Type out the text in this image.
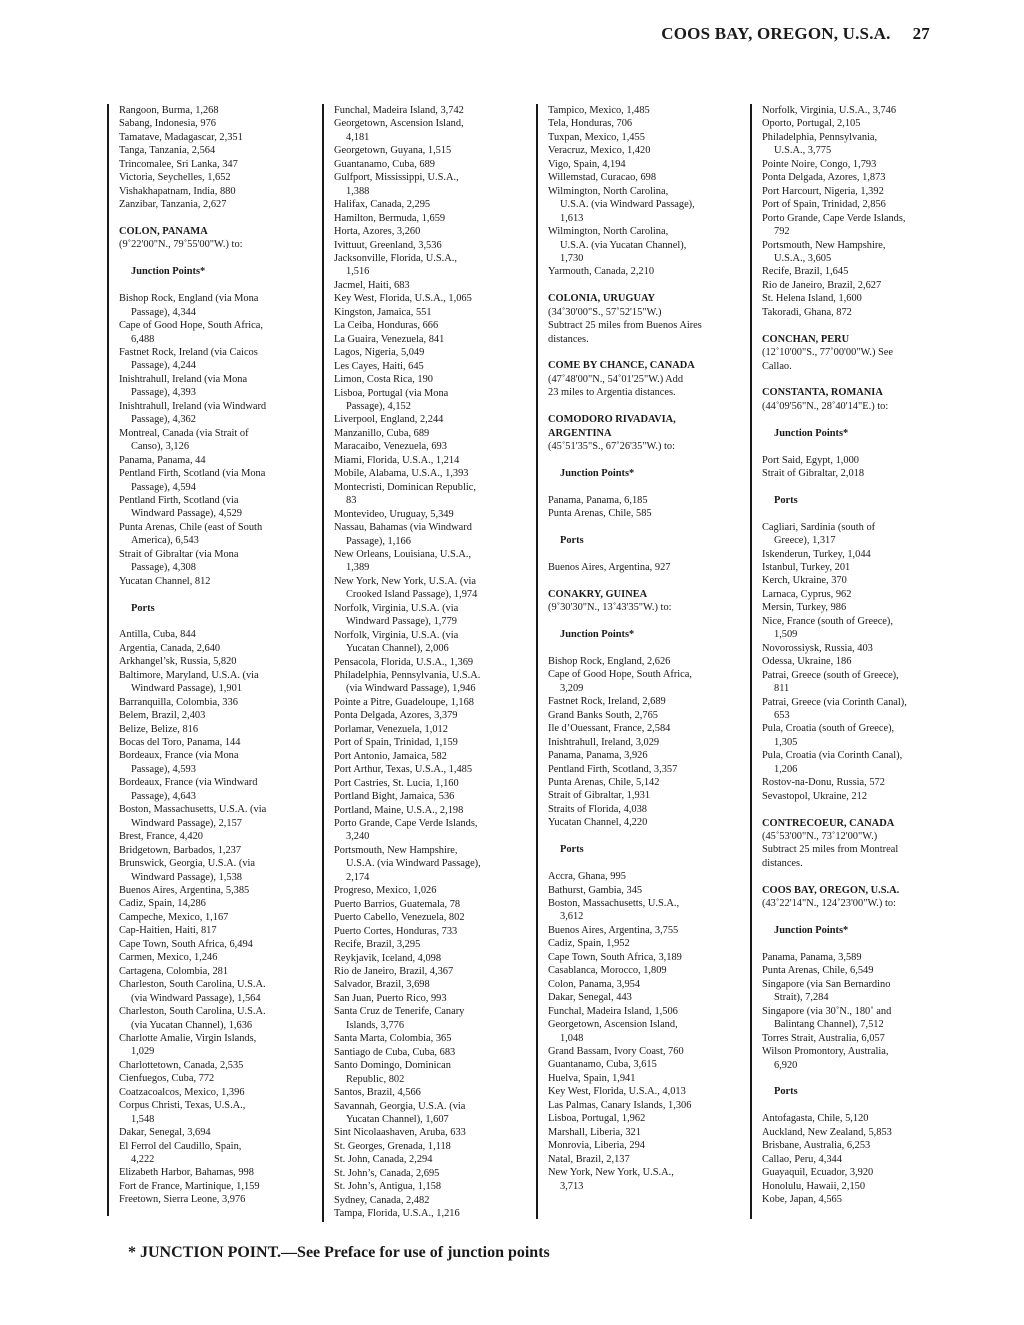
COOS BAY, OREGON, U.S.A. 27
Rangoon, Burma, 1,268
Sabang, Indonesia, 976
Tamatave, Madagascar, 2,351
Tanga, Tanzania, 2,564
Trincomalee, Sri Lanka, 347
Victoria, Seychelles, 1,652
Vishakhapatnam, India, 880
Zanzibar, Tanzania, 2,627
COLON, PANAMA
(9˚22'00"N., 79˚55'00"W.) to:
Junction Points*
Bishop Rock, England (via Mona
Passage), 4,344
Cape of Good Hope, South Africa,
6,488
Fastnet Rock, Ireland (via Caicos
Passage), 4,244
Inishtrahull, Ireland (via Mona
Passage), 4,393
Inishtrahull, Ireland (via Windward
Passage), 4,362
Montreal, Canada (via Strait of
Canso), 3,126
Panama, Panama, 44
Pentland Firth, Scotland (via Mona
Passage), 4,594
Pentland Firth, Scotland (via
Windward Passage), 4,529
Punta Arenas, Chile (east of South
America), 6,543
Strait of Gibraltar (via Mona
Passage), 4,308
Yucatan Channel, 812
Ports
Antilla, Cuba, 844
Argentia, Canada, 2,640
Arkhangel’sk, Russia, 5,820
Baltimore, Maryland, U.S.A. (via
Windward Passage), 1,901
Barranquilla, Colombia, 336
Belem, Brazil, 2,403
Belize, Belize, 816
Bocas del Toro, Panama, 144
Bordeaux, France (via Mona
Passage), 4,593
Bordeaux, France (via Windward
Passage), 4,643
Boston, Massachusetts, U.S.A. (via
Windward Passage), 2,157
Brest, France, 4,420
Bridgetown, Barbados, 1,237
Brunswick, Georgia, U.S.A. (via
Windward Passage), 1,538
Buenos Aires, Argentina, 5,385
Cadiz, Spain, 14,286
Campeche, Mexico, 1,167
Cap-Haitien, Haiti, 817
Cape Town, South Africa, 6,494
Carmen, Mexico, 1,246
Cartagena, Colombia, 281
Charleston, South Carolina, U.S.A.
(via Windward Passage), 1,564
Charleston, South Carolina, U.S.A.
(via Yucatan Channel), 1,636
Charlotte Amalie, Virgin Islands,
1,029
Charlottetown, Canada, 2,535
Cienfuegos, Cuba, 772
Coatzacoalcos, Mexico, 1,396
Corpus Christi, Texas, U.S.A.,
1,548
Dakar, Senegal, 3,694
El Ferrol del Caudillo, Spain,
4,222
Elizabeth Harbor, Bahamas, 998
Fort de France, Martinique, 1,159
Freetown, Sierra Leone, 3,976
Funchal, Madeira Island, 3,742
Georgetown, Ascension Island,
4,181
Georgetown, Guyana, 1,515
Guantanamo, Cuba, 689
Gulfport, Mississippi, U.S.A.,
1,388
Halifax, Canada, 2,295
Hamilton, Bermuda, 1,659
Horta, Azores, 3,260
Ivittuut, Greenland, 3,536
Jacksonville, Florida, U.S.A.,
1,516
Jacmel, Haiti, 683
Key West, Florida, U.S.A., 1,065
Kingston, Jamaica, 551
La Ceiba, Honduras, 666
La Guaira, Venezuela, 841
Lagos, Nigeria, 5,049
Les Cayes, Haiti, 645
Limon, Costa Rica, 190
Lisboa, Portugal (via Mona
Passage), 4,152
Liverpool, England, 2,244
Manzanillo, Cuba, 689
Maracaibo, Venezuela, 693
Miami, Florida, U.S.A., 1,214
Mobile, Alabama, U.S.A., 1,393
Montecristi, Dominican Republic,
83
Montevideo, Uruguay, 5,349
Nassau, Bahamas (via Windward
Passage), 1,166
New Orleans, Louisiana, U.S.A.,
1,389
New York, New York, U.S.A. (via
Crooked Island Passage), 1,974
Norfolk, Virginia, U.S.A. (via
Windward Passage), 1,779
Norfolk, Virginia, U.S.A. (via
Yucatan Channel), 2,006
Pensacola, Florida, U.S.A., 1,369
Philadelphia, Pennsylvania, U.S.A.
(via Windward Passage), 1,946
Pointe a Pitre, Guadeloupe, 1,168
Ponta Delgada, Azores, 3,379
Porlamar, Venezuela, 1,012
Port of Spain, Trinidad, 1,159
Port Antonio, Jamaica, 582
Port Arthur, Texas, U.S.A., 1,485
Port Castries, St. Lucia, 1,160
Portland Bight, Jamaica, 536
Portland, Maine, U.S.A., 2,198
Porto Grande, Cape Verde Islands,
3,240
Portsmouth, New Hampshire,
U.S.A. (via Windward Passage),
2,174
Progreso, Mexico, 1,026
Puerto Barrios, Guatemala, 78
Puerto Cabello, Venezuela, 802
Puerto Cortes, Honduras, 733
Recife, Brazil, 3,295
Reykjavik, Iceland, 4,098
Rio de Janeiro, Brazil, 4,367
Salvador, Brazil, 3,698
San Juan, Puerto Rico, 993
Santa Cruz de Tenerife, Canary
Islands, 3,776
Santa Marta, Colombia, 365
Santiago de Cuba, Cuba, 683
Santo Domingo, Dominican
Republic, 802
Santos, Brazil, 4,566
Savannah, Georgia, U.S.A. (via
Yucatan Channel), 1,607
Sint Nicolaashaven, Aruba, 633
St. Georges, Grenada, 1,118
St. John, Canada, 2,294
St. John’s, Canada, 2,695
St. John’s, Antigua, 1,158
Sydney, Canada, 2,482
Tampa, Florida, U.S.A., 1,216
Tampico, Mexico, 1,485
Tela, Honduras, 706
Tuxpan, Mexico, 1,455
Veracruz, Mexico, 1,420
Vigo, Spain, 4,194
Willemstad, Curacao, 698
Wilmington, North Carolina,
U.S.A. (via Windward Passage),
1,613
Wilmington, North Carolina,
U.S.A. (via Yucatan Channel),
1,730
Yarmouth, Canada, 2,210
COLONIA, URUGUAY
(34˚30'00"S., 57˚52'15"W.)
Subtract 25 miles from Buenos Aires distances.
COME BY CHANCE, CANADA
(47˚48'00"N., 54˚01'25"W.) Add
23 miles to Argentia distances.
COMODORO RIVADAVIA, ARGENTINA
(45˚51'35"S., 67˚26'35"W.) to:
Junction Points*
Panama, Panama, 6,185
Punta Arenas, Chile, 585
Ports
Buenos Aires, Argentina, 927
CONAKRY, GUINEA
(9˚30'30"N., 13˚43'35"W.) to:
Junction Points*
Bishop Rock, England, 2,626
Cape of Good Hope, South Africa,
3,209
Fastnet Rock, Ireland, 2,689
Grand Banks South, 2,765
Ile d’Ouessant, France, 2,584
Inishtrahull, Ireland, 3,029
Panama, Panama, 3,926
Pentland Firth, Scotland, 3,357
Punta Arenas, Chile, 5,142
Strait of Gibraltar, 1,931
Straits of Florida, 4,038
Yucatan Channel, 4,220
Ports
Accra, Ghana, 995
Bathurst, Gambia, 345
Boston, Massachusetts, U.S.A.,
3,612
Buenos Aires, Argentina, 3,755
Cadiz, Spain, 1,952
Cape Town, South Africa, 3,189
Casablanca, Morocco, 1,809
Colon, Panama, 3,954
Dakar, Senegal, 443
Funchal, Madeira Island, 1,506
Georgetown, Ascension Island,
1,048
Grand Bassam, Ivory Coast, 760
Guantanamo, Cuba, 3,615
Huelva, Spain, 1,941
Key West, Florida, U.S.A., 4,013
Las Palmas, Canary Islands, 1,306
Lisboa, Portugal, 1,962
Marshall, Liberia, 321
Monrovia, Liberia, 294
Natal, Brazil, 2,137
New York, New York, U.S.A.,
3,713
Norfolk, Virginia, U.S.A., 3,746
Oporto, Portugal, 2,105
Philadelphia, Pennsylvania,
U.S.A., 3,775
Pointe Noire, Congo, 1,793
Ponta Delgada, Azores, 1,873
Port Harcourt, Nigeria, 1,392
Port of Spain, Trinidad, 2,856
Porto Grande, Cape Verde Islands,
792
Portsmouth, New Hampshire,
U.S.A., 3,605
Recife, Brazil, 1,645
Rio de Janeiro, Brazil, 2,627
St. Helena Island, 1,600
Takoradi, Ghana, 872
CONCHAN, PERU
(12˚10'00"S., 77˚00'00"W.) See
Callao.
CONSTANTA, ROMANIA
(44˚09'56"N., 28˚40'14"E.) to:
Junction Points*
Port Said, Egypt, 1,000
Strait of Gibraltar, 2,018
Ports
Cagliari, Sardinia (south of
Greece), 1,317
Iskenderun, Turkey, 1,044
Istanbul, Turkey, 201
Kerch, Ukraine, 370
Larnaca, Cyprus, 962
Mersin, Turkey, 986
Nice, France (south of Greece),
1,509
Novorossiysk, Russia, 403
Odessa, Ukraine, 186
Patrai, Greece (south of Greece),
811
Patrai, Greece (via Corinth Canal),
653
Pula, Croatia (south of Greece),
1,305
Pula, Croatia (via Corinth Canal),
1,206
Rostov-na-Donu, Russia, 572
Sevastopol, Ukraine, 212
CONTRECOEUR, CANADA
(45˚53'00"N., 73˚12'00"W.)
Subtract 25 miles from Montreal distances.
COOS BAY, OREGON, U.S.A.
(43˚22'14"N., 124˚23'00"W.) to:
Junction Points*
Panama, Panama, 3,589
Punta Arenas, Chile, 6,549
Singapore (via San Bernardino
Strait), 7,284
Singapore (via 30˚N., 180˚ and
Balintang Channel), 7,512
Torres Strait, Australia, 6,057
Wilson Promontory, Australia,
6,920
Ports
Antofagasta, Chile, 5,120
Auckland, New Zealand, 5,853
Brisbane, Australia, 6,253
Callao, Peru, 4,344
Guayaquil, Ecuador, 3,920
Honolulu, Hawaii, 2,150
Kobe, Japan, 4,565
* JUNCTION POINT.—See Preface for use of junction points
